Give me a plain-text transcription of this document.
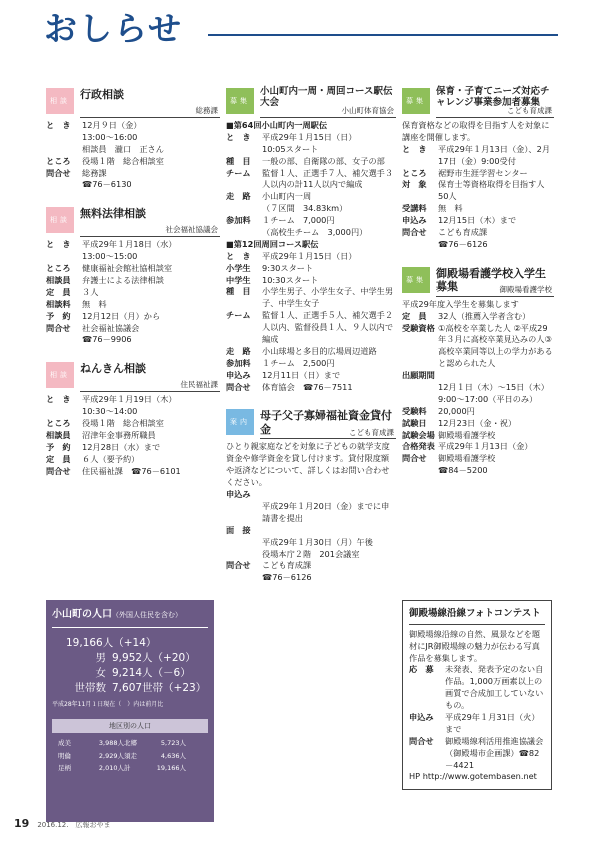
おしらせ
相談 行政相談
総務課
と　き	12月９日（金）
13:00～16:00
相談員　瀧口　正さん
ところ	役場１階　総合相談室
問合せ	総務課
☎76－6130
相談 無料法律相談
社会福祉協議会
と　き	平成29年１月18日（水）
13:00～15:00
ところ	健康福祉会館社協相談室
相談員	弁護士による法律相談
定　員	３人
相談料	無　料
予　約	12月12日（月）から
問合せ	社会福祉協議会
☎76－9906
相談 ねんきん相談
住民福祉課
と　き	平成29年１月19日（木）
10:30～14:00
ところ	役場１階　総合相談室
相談員	沼津年金事務所職員
予　約	12月28日（水）まで
定　員	６人（要予約）
問合せ	住民福祉課　☎76－6101
小山町の人口（外国人住民を含む）
19,166人（+14）
男 9,952人（+20）
女 9,214人（－6）
世帯数 7,607世帯（+23）
平成28年11月１日現在（　）内は前月比
地区別の人口
成美	3,988人 北郷	5,723人
明倫	2,929人 須走	4,636人
足柄	2,010人 計	19,166人
募集
小山町内一周・周回コース駅伝大会
小山町体育協会
■第64回小山町内一周駅伝
と　き	平成29年１月15日（日）
10:05スタート
種　目	一般の部、自衛隊の部、女子の部
チーム	監督１人、正選手７人、補欠選手３人以内の計11人以内で編成
走　路	小山町内一周
（７区間　34.83km）
参加料	１チーム　7,000円
（高校生チーム　3,000円）
■第12回周回コース駅伝
と　き	平成29年１月15日（日）
小学生	9:30スタート
中学生	10:30スタート
種　目	小学生男子、小学生女子、中学生男子、中学生女子
チーム	監督１人、正選手５人、補欠選手２人以内、監督役員１人、９人以内で編成
走　路	小山球場と多目的広場周辺道路
参加料	１チーム　2,500円
申込み	12月11日（日）まで
問合せ	体育協会　☎76－7511
案内 母子父子寡婦福祉資金貸付金	こども育成課
ひとり親家庭などを対象に子どもの就学支度資金や修学資金を貸し付けます。貸付限度額や返済などについて、詳しくはお問い合わせください。
申込み
平成29年１月20日（金）までに申請書を提出
面　接
平成29年１月30日（月）午後
役場本庁２階　201会議室
問合せ	こども育成課
☎76－6126
募集
保育・子育てニーズ対応チャレンジ事業参加者募集
こども育成課
保育資格などの取得を目指す人を対象に講座を開催します。
と　き	平成29年１月13日（金）、2月17日（金）9:00受付
ところ	裾野市生涯学習センター
対　象	保育士等資格取得を目指す人　50人
受講料	無　料
申込み	12月15日（木）まで
問合せ	こども育成課
☎76－6126
募集 御殿場看護学校入学生募集	御殿場看護学校
平成29年度入学生を募集します
定　員	32人（推薦入学者含む）
受験資格 ①高校を卒業した人 ②平成29年３月に高校卒業見込みの人③高校卒業同等以上の学力があると認められた人
出願期間
12月１日（木）～15日（木）
9:00～17:00（平日のみ）
受験料	20,000円
試験日	12月23日（金・祝）
試験会場 御殿場看護学校
合格発表 平成29年１月13日（金）
問合せ	御殿場看護学校
☎84－5200
御殿場線沿線フォトコンテスト
御殿場線沿線の自然、風景などを題材にJR御殿場線の魅力が伝わる写真作品を募集します。
応　募	未発表、発表予定のない自作品。1,000万画素以上の画質で合成加工していないもの。
申込み	平成29年１月31日（火）まで
問合せ	御殿場線利活用推進協議会（御殿場市企画課）☎82－4421
HP http://www.gotembasen.net
19 2016.12.　広報おやま
